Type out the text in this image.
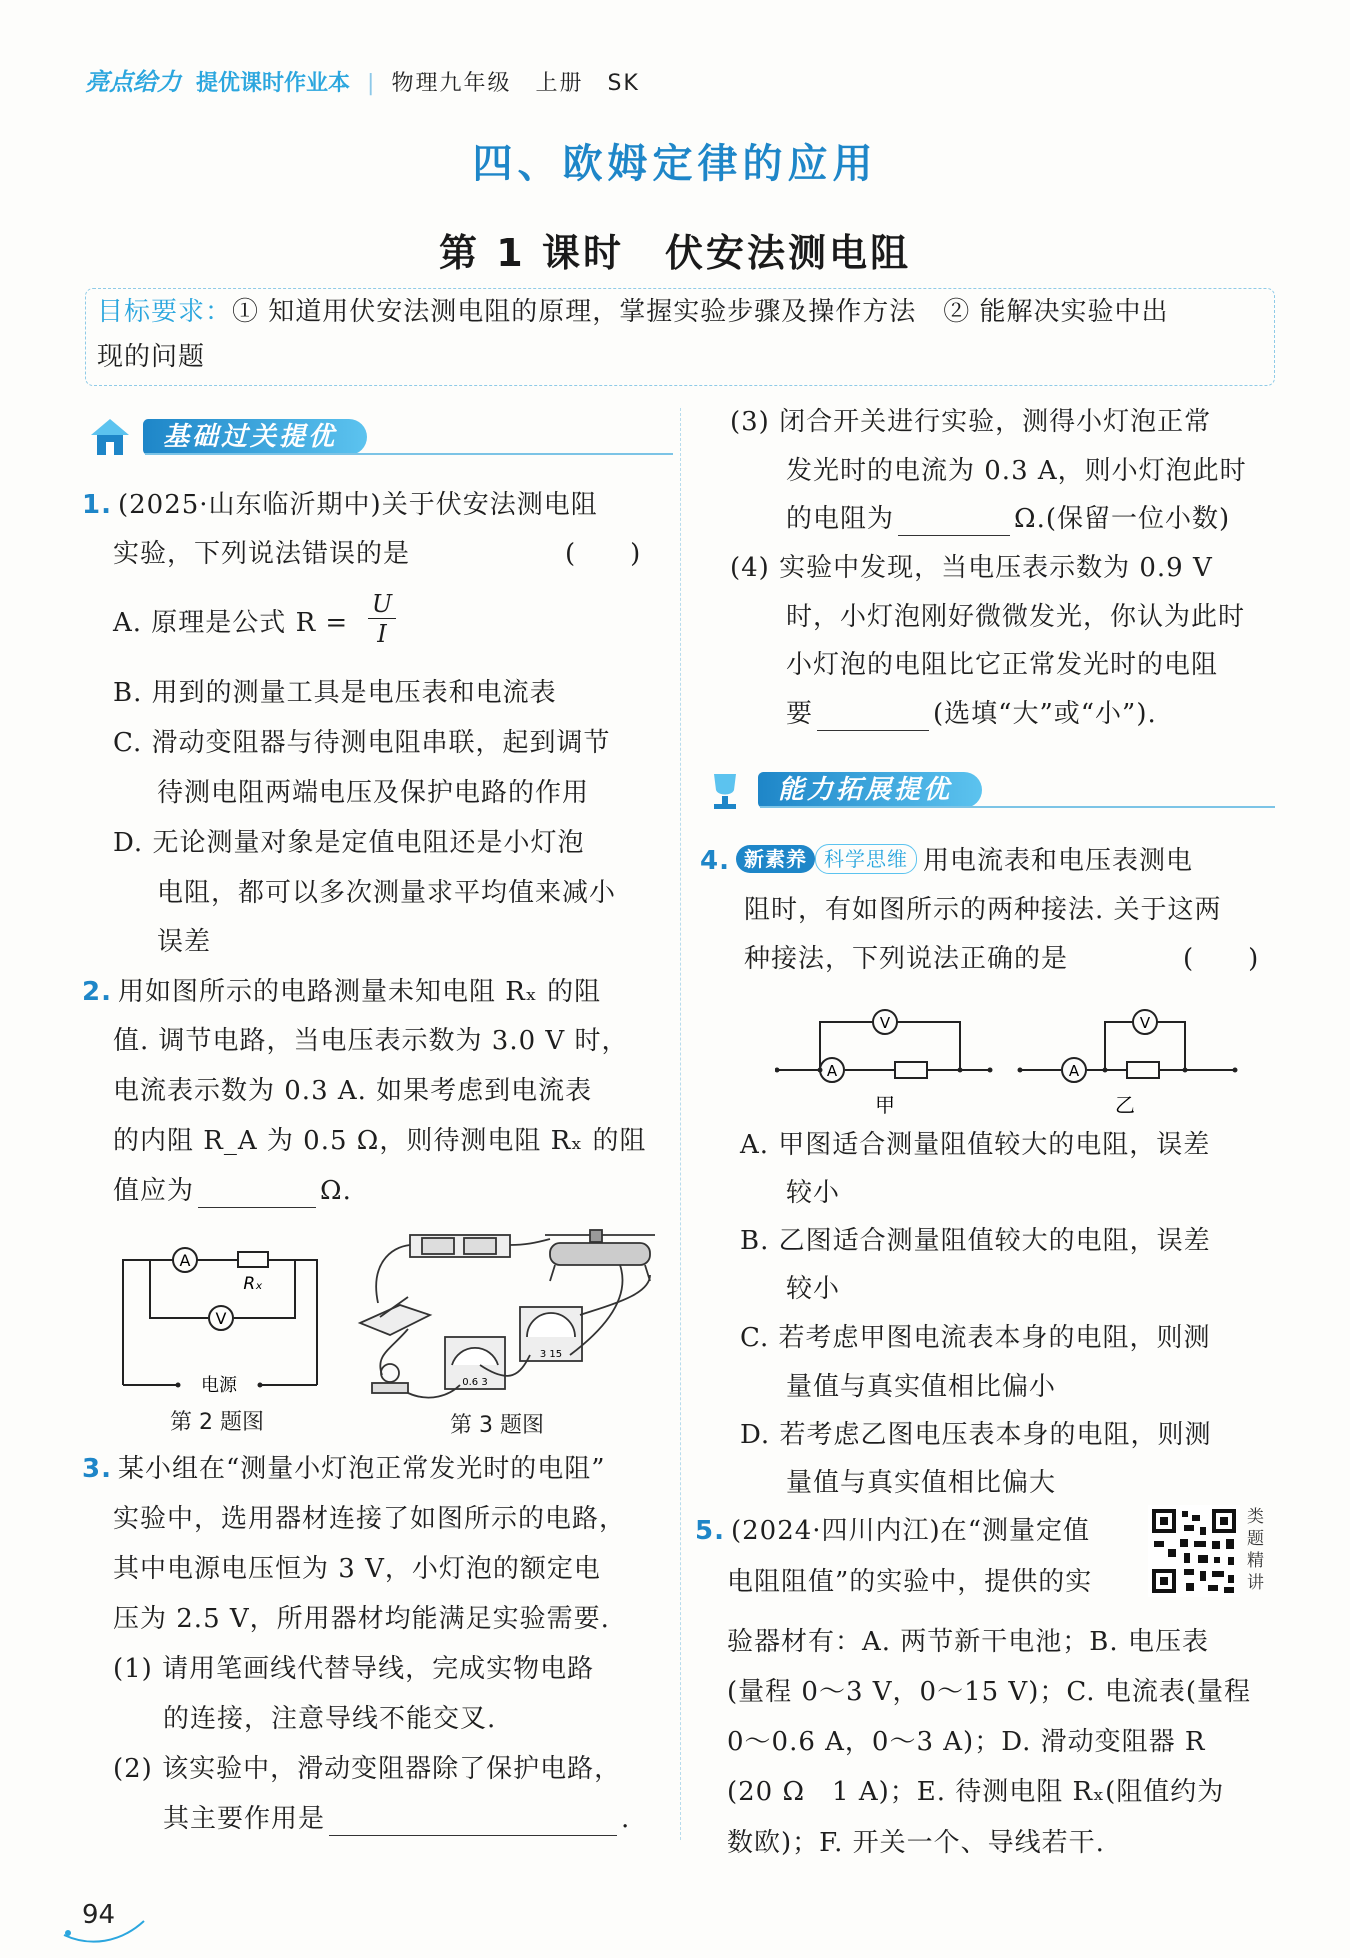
亮点给力 提优课时作业本 | 物理九年级　上册　SK
四、欧姆定律的应用
第 1 课时　伏安法测电阻
目标要求：① 知道用伏安法测电阻的原理，掌握实验步骤及操作方法　② 能解决实验中出
现的问题
基础过关提优
1. (2025·山东临沂期中)关于伏安法测电阻
实验，下列说法错误的是	(　　)
A. 原理是公式 $R = \frac{U}{I}$
B. 用到的测量工具是电压表和电流表
C. 滑动变阻器与待测电阻串联，起到调节
待测电阻两端电压及保护电路的作用
D. 无论测量对象是定值电阻还是小灯泡
电阻，都可以多次测量求平均值来减小
误差
2. 用如图所示的电路测量未知电阻 Rₓ 的阻
值. 调节电路，当电压表示数为 3.0 V 时，
电流表示数为 0.3 A. 如果考虑到电流表
的内阻 R_A 为 0.5 Ω，则待测电阻 Rₓ 的阻
值应为	Ω.
A
V
Rₓ
电源
第 2 题图
0.6 3
3 15
第 3 题图
3. 某小组在“测量小灯泡正常发光时的电阻”
实验中，选用器材连接了如图所示的电路，
其中电源电压恒为 3 V，小灯泡的额定电
压为 2.5 V，所用器材均能满足实验需要.
(1) 请用笔画线代替导线，完成实物电路
的连接，注意导线不能交叉.
(2) 该实验中，滑动变阻器除了保护电路，
其主要作用是	.
(3) 闭合开关进行实验，测得小灯泡正常
发光时的电流为 0.3 A，则小灯泡此时
的电阻为	Ω.(保留一位小数)
(4) 实验中发现，当电压表示数为 0.9 V
时，小灯泡刚好微微发光，你认为此时
小灯泡的电阻比它正常发光时的电阻
要	(选填“大”或“小”).
能力拓展提优
4. 新素养 科学思维 用电流表和电压表测电
阻时，有如图所示的两种接法. 关于这两
种接法，下列说法正确的是	(　　)
V
A
V
A
甲	乙
A. 甲图适合测量阻值较大的电阻，误差
较小
B. 乙图适合测量阻值较大的电阻，误差
较小
C. 若考虑甲图电流表本身的电阻，则测
量值与真实值相比偏小
D. 若考虑乙图电压表本身的电阻，则测
量值与真实值相比偏大
5. (2024·四川内江)在“测量定值
电阻阻值”的实验中，提供的实
类题精讲
验器材有：A. 两节新干电池；B. 电压表
(量程 0～3 V，0～15 V)；C. 电流表(量程
0～0.6 A，0～3 A)；D. 滑动变阻器 R
(20 Ω　1 A)；E. 待测电阻 Rₓ(阻值约为
数欧)；F. 开关一个、导线若干.
94
